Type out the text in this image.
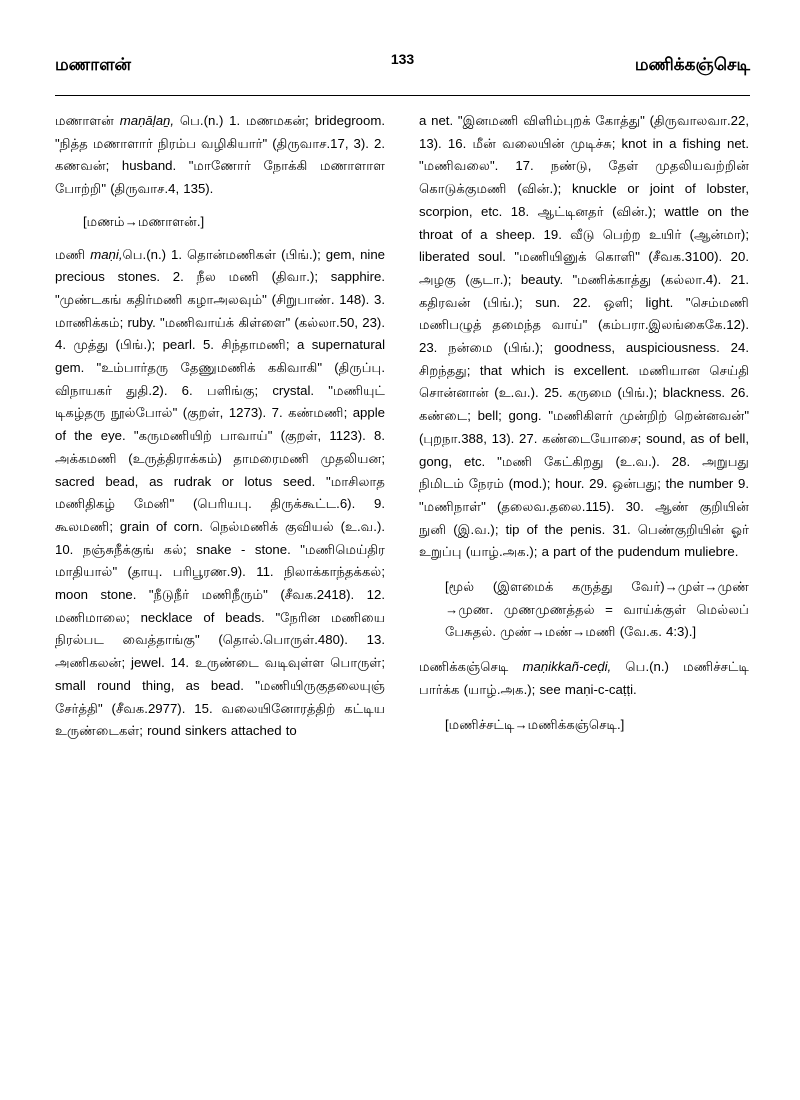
மணாளன்	133	மணிக்கஞ்செடி

மணாளன் maṇāḷaṉ, பெ.(n.) 1. மணமகன்; bridegroom. "நித்த மணாளார் நிரம்ப வழிகியார்" (திருவாச.17, 3). 2. கணவன்; husband. "மாணோர் நோக்கி மணாளாள போற்றி" (திருவாச.4, 135).

[மணம்→மணாளன்.]

மணி maṇi,பெ.(n.) 1. தொன்மணிகள் (பிங்.); gem, nine precious stones. 2. நீல மணி (திவா.); sapphire. "முண்டகங் கதிர்மணி கழாஅலவும்" (சிறுபாண். 148). 3. மாணிக்கம்; ruby. "மணிவாய்க் கிள்ளை" (கல்லா.50, 23). 4. முத்து (பிங்.); pearl. 5. சிந்தாமணி; a supernatural gem. "உம்பார்தரு தேணுமணிக் ககிவாகி" (திருப்பு. விநாயகர் துதி.2). 6. பளிங்கு; crystal. "மணியுட் டிகழ்தரு நூல்போல்" (குறள், 1273). 7. கண்மணி; apple of the eye. "கருமணியிற் பாவாய்" (குறள், 1123). 8. அக்கமணி (உருத்திராக்கம்) தாமரைமணி முதலியன; sacred bead, as rudrak or lotus seed. "மாசிலாத மணிதிகழ் மேனி" (பெரியபு. திருக்கூட்ட.6). 9. கூலமணி; grain of corn. நெல்மணிக் குவியல் (உ.வ.). 10. நஞ்சுநீக்குங் கல்; snake - stone. "மணிமெய்திர மாதியால்" (தாயு. பரிபூரண.9). 11. நிலாக்காந்தக்கல்; moon stone. "நீடுநீர் மணிநீரும்" (சீவக.2418). 12. மணிமாலை; necklace of beads. "நேரின மணியை நிரல்பட வைத்தாங்கு" (தொல்.பொருள்.480). 13. அணிகலன்; jewel. 14. உருண்டை வடிவுள்ள பொருள்; small round thing, as bead. "மணியிருகுதலையுஞ் சேர்த்தி" (சீவக.2977). 15. வலையினோரத்திற் கட்டிய உருண்டைகள்; round sinkers attached to

a net. "இனமணி விளிம்புறக் கோத்து" (திருவாலவா.22, 13). 16. மீன் வலையின் முடிச்சு; knot in a fishing net. "மணிவலை". 17. நண்டு, தேள் முதலியவற்றின் கொடுக்குமணி (வின்.); knuckle or joint of lobster, scorpion, etc. 18. ஆட்டினதர் (வின்.); wattle on the throat of a sheep. 19. வீடு பெற்ற உயிர் (ஆன்மா); liberated soul. "மணியினுக் கொளி" (சீவக.3100). 20. அழகு (சூடா.); beauty. "மணிக்காத்து (கல்லா.4). 21. கதிரவன் (பிங்.); sun. 22. ஒளி; light. "செம்மணி மணிபழுத் தமைந்த வாய்" (கம்பரா.இலங்கைகே.12). 23. நன்மை (பிங்.); goodness, auspiciousness. 24. சிறந்தது; that which is excellent. மணியான செய்தி சொன்னான் (உ.வ.). 25. கருமை (பிங்.); blackness. 26. கண்டை; bell; gong. "மணிகிளர் முன்றிற் றென்னவன்" (புறநா.388, 13). 27. கண்டையோசை; sound, as of bell, gong, etc. "மணி கேட்கிறது (உ.வ.). 28. அறுபது நிமிடம் நேரம் (mod.); hour. 29. ஒன்பது; the number 9. "மணிநாள்" (தலைவ.தலை.115). 30. ஆண் குறியின் நுனி (இ.வ.); tip of the penis. 31. பெண்குறியின் ஓர் உறுப்பு (யாழ்.அக.); a part of the pudendum muliebre.

[மூல் (இளமைக் கருத்து வேர்)→முள்→முண் →முண. முணமுணத்தல் = வாய்க்குள் மெல்லப் பேசுதல். முண்→மண்→மணி (வே.க. 4:3).]

மணிக்கஞ்செடி maṇikkañ-ceḍi, பெ.(n.) மணிச்சட்டி பார்க்க (யாழ்.அக.); see maṇi-c-caṭṭi.

[மணிச்சட்டி→மணிக்கஞ்செடி.]
